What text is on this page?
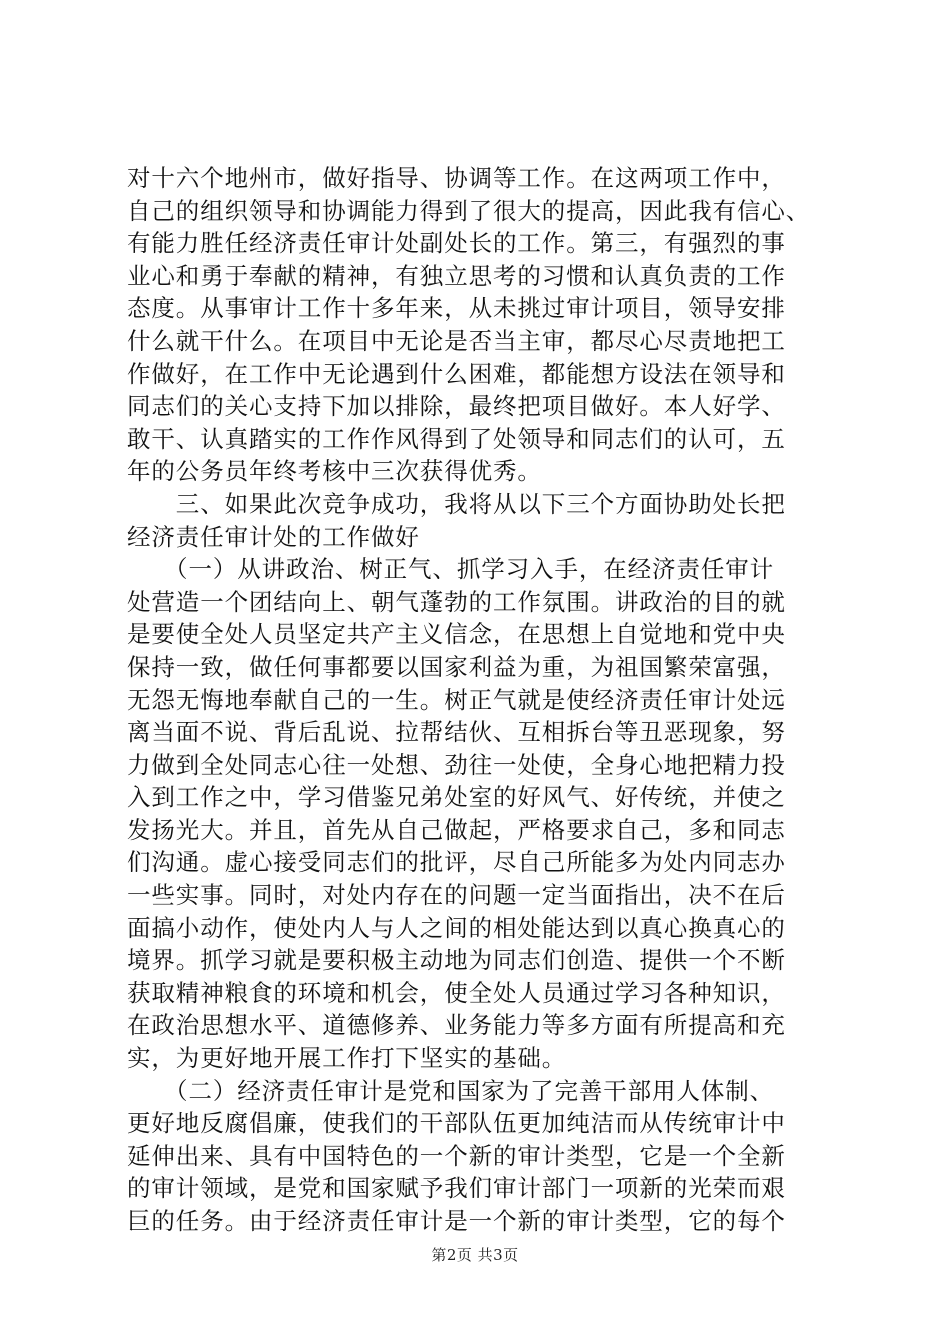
对十六个地州市，做好指导、协调等工作。在这两项工作中，
自己的组织领导和协调能力得到了很大的提高，因此我有信心、
有能力胜任经济责任审计处副处长的工作。第三，有强烈的事
业心和勇于奉献的精神，有独立思考的习惯和认真负责的工作
态度。从事审计工作十多年来，从未挑过审计项目，领导安排
什么就干什么。在项目中无论是否当主审，都尽心尽责地把工
作做好，在工作中无论遇到什么困难，都能想方设法在领导和
同志们的关心支持下加以排除，最终把项目做好。本人好学、
敢干、认真踏实的工作作风得到了处领导和同志们的认可，五
年的公务员年终考核中三次获得优秀。
　　三、如果此次竞争成功，我将从以下三个方面协助处长把
经济责任审计处的工作做好
　　（一）从讲政治、树正气、抓学习入手，在经济责任审计
处营造一个团结向上、朝气蓬勃的工作氛围。讲政治的目的就
是要使全处人员坚定共产主义信念，在思想上自觉地和党中央
保持一致，做任何事都要以国家利益为重，为祖国繁荣富强，
无怨无悔地奉献自己的一生。树正气就是使经济责任审计处远
离当面不说、背后乱说、拉帮结伙、互相拆台等丑恶现象，努
力做到全处同志心往一处想、劲往一处使，全身心地把精力投
入到工作之中，学习借鉴兄弟处室的好风气、好传统，并使之
发扬光大。并且，首先从自己做起，严格要求自己，多和同志
们沟通。虚心接受同志们的批评，尽自己所能多为处内同志办
一些实事。同时，对处内存在的问题一定当面指出，决不在后
面搞小动作，使处内人与人之间的相处能达到以真心换真心的
境界。抓学习就是要积极主动地为同志们创造、提供一个不断
获取精神粮食的环境和机会，使全处人员通过学习各种知识，
在政治思想水平、道德修养、业务能力等多方面有所提高和充
实，为更好地开展工作打下坚实的基础。
　　（二）经济责任审计是党和国家为了完善干部用人体制、
更好地反腐倡廉，使我们的干部队伍更加纯洁而从传统审计中
延伸出来、具有中国特色的一个新的审计类型，它是一个全新
的审计领域，是党和国家赋予我们审计部门一项新的光荣而艰
巨的任务。由于经济责任审计是一个新的审计类型，它的每个
第2页 共3页
